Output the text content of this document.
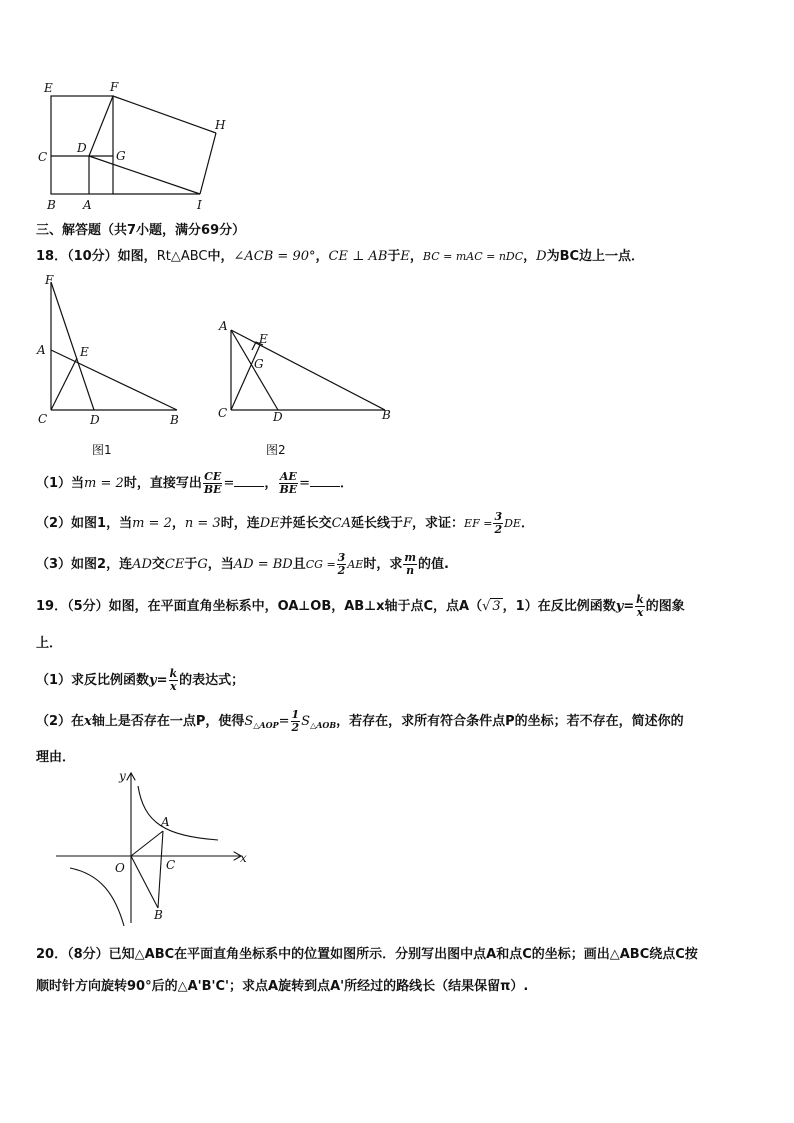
E	F
H
C
D
G
B A	I
三、解答题（共7小题，满分69分）
18．（10分）如图，Rt△ABC中，∠ACB = 90°，CE ⊥ AB于E，BC = mAC = nDC，D为BC边上一点．
F
A	E
C	D	B
图1
A
E
G
C	D	B
图2
（1）当m = 2时，直接写出 $\frac{CE}{BE}$ = ， $\frac{AE}{BE}$ = ．
（2）如图1，当m = 2，n = 3时，连DE并延长交CA延长线于F，求证：EF = $\frac{3}{2}$ DE．
（3）如图2，连AD交CE于G，当AD = BD且CG = $\frac{3}{2}$ AE时，求 $\frac{m}{n}$ 的值.
19．（5分）如图，在平面直角坐标系中，OA⊥OB，AB⊥x轴于点C，点A（√ 3 ，1）在反比例函数$y= \frac{k}{x}$ 的图象
上．
（1）求反比例函数$y= \frac{k}{x}$ 的表达式；
（2）在x轴上是否存在一点P，使得$S_{\triangle AOP}= \frac{1}{2} S_{\triangle AOB}$，若存在，求所有符合条件点P的坐标；若不存在，简述你的
理由．
y
x
A
O	C
B
20．（8分）已知△ABC在平面直角坐标系中的位置如图所示．分别写出图中点A和点C的坐标；画出△ABC绕点C按
顺时针方向旋转90°后的△A'B'C'；求点A旋转到点A'所经过的路线长（结果保留π）.
